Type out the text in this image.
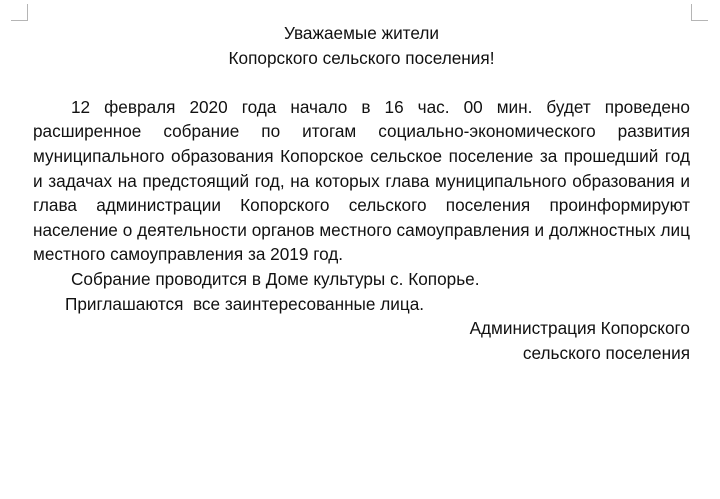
Уважаемые жители

Копорского сельского поселения!

12 февраля 2020 года начало в 16 час. 00 мин. будет проведено расширенное собрание по итогам социально-экономического развития муниципального образования Копорское сельское поселение за прошедший год и задачах на предстоящий год, на которых глава муниципального образования и глава администрации Копорского сельского поселения проинформируют население о деятельности органов местного самоуправления и должностных лиц местного самоуправления за 2019 год.

Собрание проводится в Доме культуры с. Копорье.

Приглашаются  все заинтересованные лица.

Администрация Копорского

сельского поселения
